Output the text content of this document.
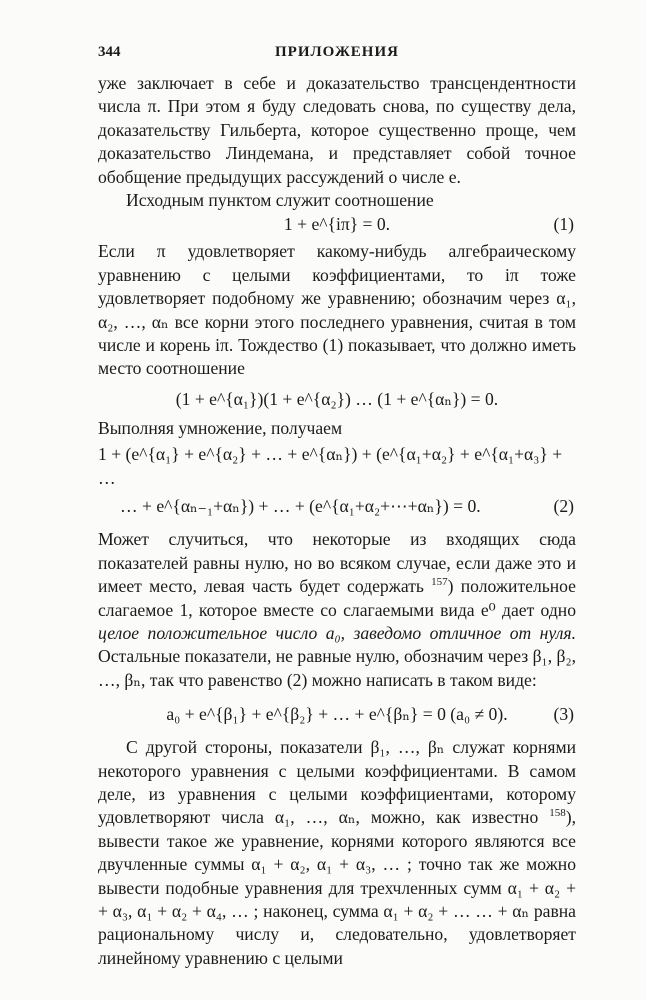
344	ПРИЛОЖЕНИЯ

уже заключает в себе и доказательство трансцендентности числа π. При этом я буду следовать снова, по существу дела, доказательству Гильберта, которое существенно проще, чем доказательство Линдемана, и представляет собой точное обобщение предыдущих рассуждений о числе e.

Исходным пунктом служит соотношение

1 + e^{iπ} = 0.	(1)

Если π удовлетворяет какому-нибудь алгебраическому уравнению с целыми коэффициентами, то iπ тоже удовлетворяет подобному же уравнению; обозначим через α₁, α₂, …, αₙ все корни этого последнего уравнения, считая в том числе и корень iπ. Тождество (1) показывает, что должно иметь место соотношение

(1 + e^{α₁})(1 + e^{α₂}) … (1 + e^{αₙ}) = 0.

Выполняя умножение, получаем

1 + (e^{α₁} + e^{α₂} + … + e^{αₙ}) + (e^{α₁+α₂} + e^{α₁+α₃} + …
… + e^{αₙ₋₁+αₙ}) + … + (e^{α₁+α₂+⋯+αₙ}) = 0.	(2)

Может случиться, что некоторые из входящих сюда показателей равны нулю, но во всяком случае, если даже это и имеет место, левая часть будет содержать $^{157}$) положительное слагаемое 1, которое вместе со слагаемыми вида e⁰ дает одно целое положительное число a₀, заведомо отличное от нуля. Остальные показатели, не равные нулю, обозначим через β₁, β₂, …, βₙ, так что равенство (2) можно написать в таком виде:

a₀ + e^{β₁} + e^{β₂} + … + e^{βₙ} = 0 (a₀ ≠ 0).	(3)

С другой стороны, показатели β₁, …, βₙ служат корнями некоторого уравнения с целыми коэффициентами. В самом деле, из уравнения с целыми коэффициентами, которому удовлетворяют числа α₁, …, αₙ, можно, как известно $^{158}$), вывести такое же уравнение, корнями которого являются все двучленные суммы α₁ + α₂, α₁ + α₃, … ; точно так же можно вывести подобные уравнения для трехчленных сумм α₁ + α₂ + + α₃, α₁ + α₂ + α₄, … ; наконец, сумма α₁ + α₂ + … … + αₙ равна рациональному числу и, следовательно, удовлетворяет линейному уравнению с целыми
